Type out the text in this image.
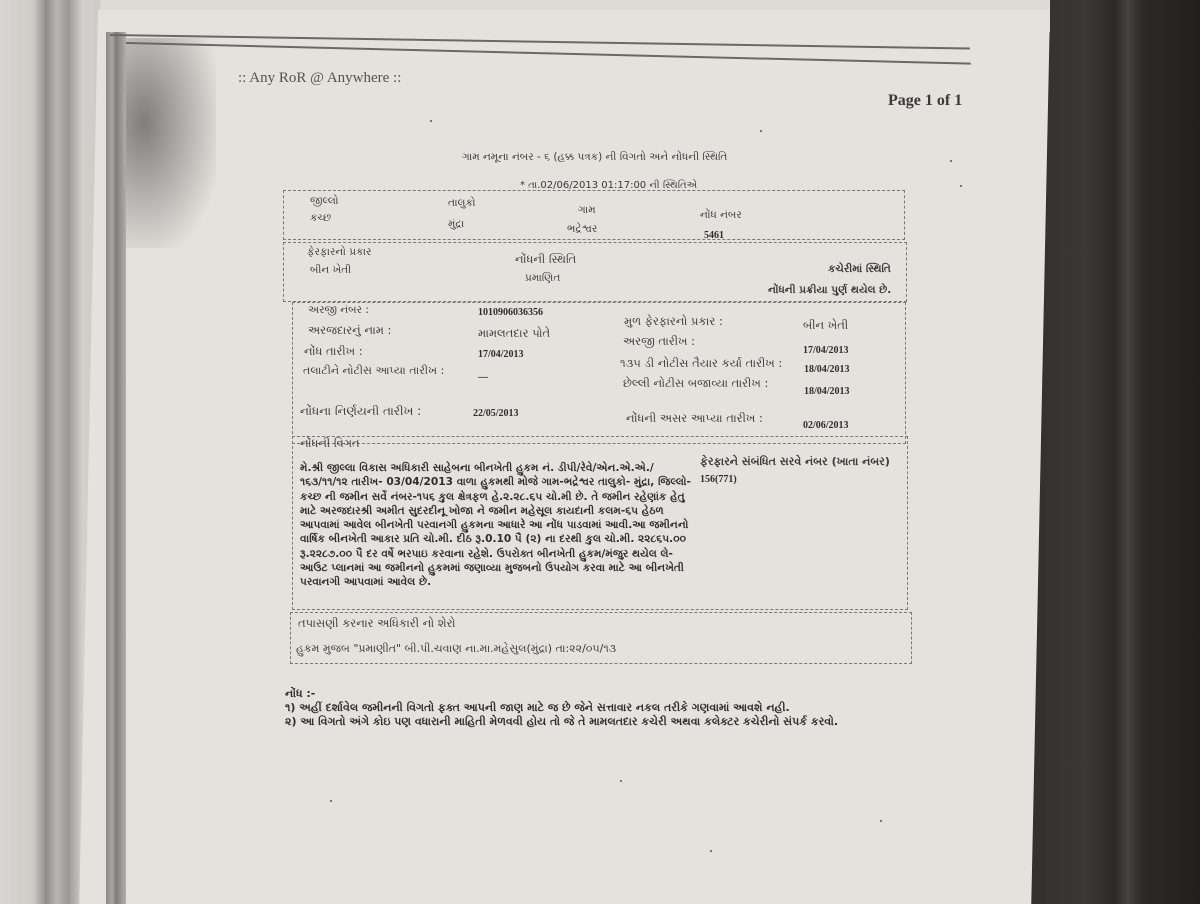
:: Any RoR @ Anywhere ::
Page 1 of 1
ગામ નમૂના નંબર - ૬ (હક્ક પત્રક) ની વિગતો અને નોંધની સ્થિતિ
* તા.02/06/2013 01:17:00 ની સ્થિતિએ
જીલ્લો
કચ્છ
તાલુકો
મુંદ્રા
ગામ
ભદ્રેશ્વર
નોંધ નંબર
5461
ફેરફારનો પ્રકાર
બીન ખેતી
નોંધની સ્થિતિ
પ્રમાણિત
કચેરીમાં સ્થિતિ
નોંધની પ્રક્રીયા પુર્ણ થયેલ છે.
અરજી નંબર :	1010906036356
અરજદારનું નામ :	મામલતદાર પોતે
નોંધ તારીખ :	17/04/2013
તલાટીને નોટીસ આપ્યા તારીખ :
—
નોંધના નિર્ણયની તારીખ :	22/05/2013
મુળ ફેરફારનો પ્રકાર :	બીન ખેતી
અરજી તારીખ :
17/04/2013
૧૩૫ ડી નોટીસ તૈયાર કર્યા તારીખ : 18/04/2013
છેલ્લી નોટીસ બજાવ્યા તારીખ :
18/04/2013
નોંધની અસર આપ્યા તારીખ :
02/06/2013
નોંધની વિગત
મે.શ્રી જીલ્લા વિકાસ અધિકારી સાહેબના બીનખેતી હુકમ નં. ડીપી/રેવે/એન.એ.એ./૧૬૩/૧૧/૧૨ તારીખ- 03/04/2013 વાળા હુકમથી મોજે ગામ-ભદ્રેશ્વર તાલુકો- મુંદ્રા, જિલ્લો- કચ્છ ની જમીન સર્વે નંબર-૧૫૬ કુલ ક્ષેત્રફળ હે.૨.૨૮.૬૫ ચો.મી છે. તે જમીન રહેણાંક હેતુ માટે અરજદારશ્રી અમીત સુદરદીનૂ ખોજા ને જમીન મહેસૂલ કાયદાની કલમ-૬૫ હેઠળ આપવામાં આવેલ બીનખેતી પરવાનગી હુકમના આધારે આ નોંધ પાડવામાં આવી.આ જમીનનો વાર્ષિક બીનખેતી આકાર પ્રતિ ચો.મી. દીઠ રૂ.0.10 પૈ (૨) ના દરથી કુલ ચો.મી. ૨૨૮૬૫.૦૦ રૂ.૨૨૮૭.૦૦ પૈ દર વર્ષે ભરપાઇ કરવાના રહેશે. ઉપરોક્ત બીનખેતી હુકમ/મંજુર થયેલ લે-આઉટ પ્લાનમાં આ જમીનનો હુકમમાં જણાવ્યા મુજબનો ઉપયોગ કરવા માટે આ બીનખેતી પરવાનગી આપવામાં આવેલ છે.
ફેરફારને સંબંધિત સરવે નંબર (ખાતા નંબર)
156(771)
તપાસણી કરનાર અધિકારી નો શેરો
હુકમ મુજબ "પ્રમાણીત" બી.પી.ચવાણ ના.મા.મહેસુલ(મુંદ્રા) તા:૨૨/૦૫/૧૩
નોંધ :-
૧) અહીં દર્શાવેલ જમીનની વિગતો ફક્ત આપની જાણ માટે જ છે જેને સત્તાવાર નકલ તરીકે ગણવામાં આવશે નહી.
૨) આ વિગતો અંગે કોઇ પણ વધારાની માહિતી મેળવવી હોય તો જે તે મામલતદાર કચેરી અથવા કલેક્ટર કચેરીનો સંપર્ક કરવો.
